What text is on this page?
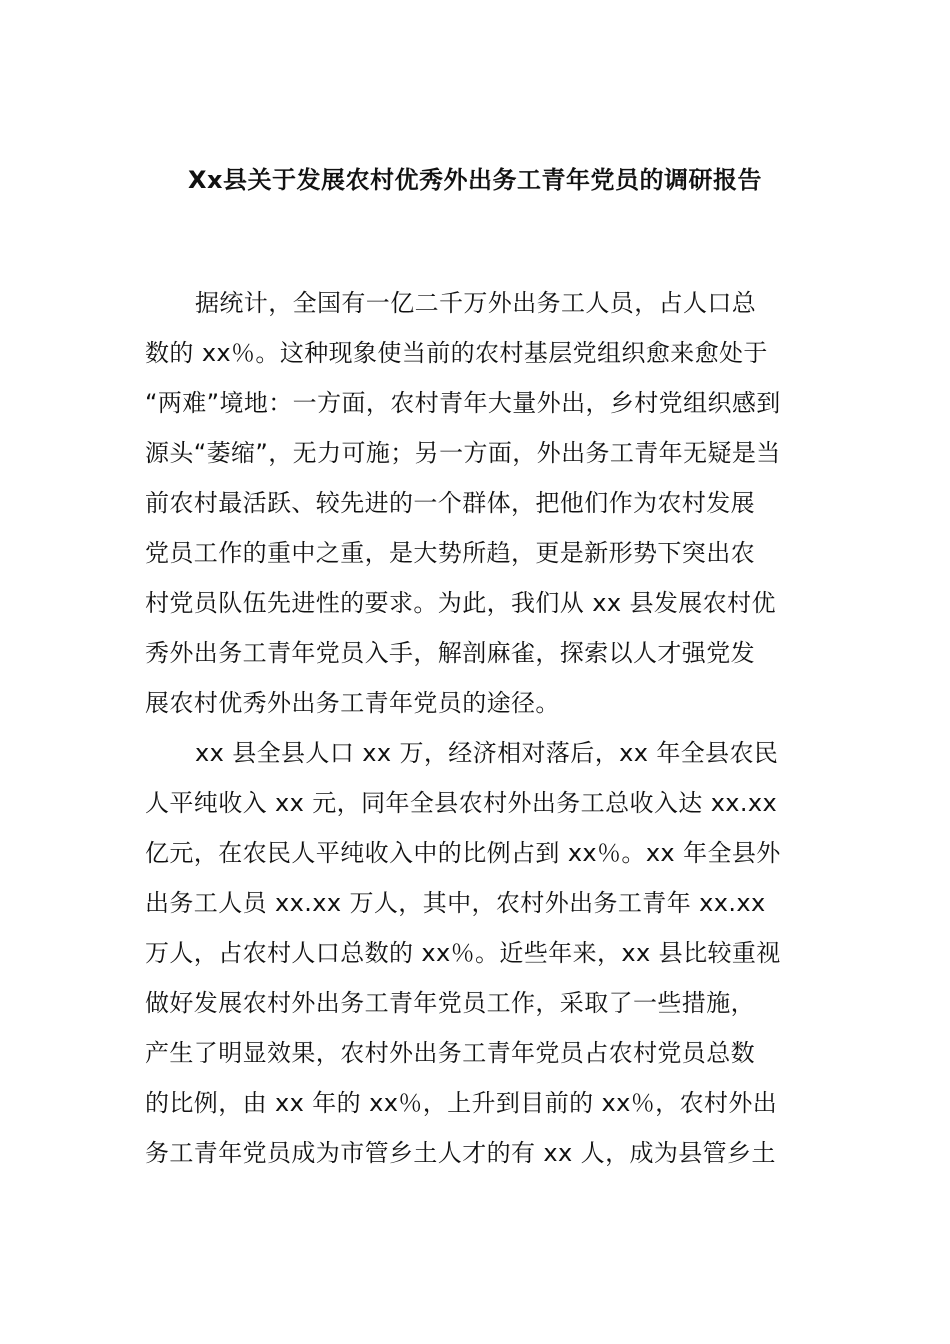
Xx县关于发展农村优秀外出务工青年党员的调研报告
据统计，全国有一亿二千万外出务工人员，占人口总
数的 xx％。这种现象使当前的农村基层党组织愈来愈处于
“两难”境地：一方面，农村青年大量外出，乡村党组织感到
源头“萎缩”，无力可施；另一方面，外出务工青年无疑是当
前农村最活跃、较先进的一个群体，把他们作为农村发展
党员工作的重中之重，是大势所趋，更是新形势下突出农
村党员队伍先进性的要求。为此，我们从 xx 县发展农村优
秀外出务工青年党员入手，解剖麻雀，探索以人才强党发
展农村优秀外出务工青年党员的途径。
xx 县全县人口 xx 万，经济相对落后，xx 年全县农民
人平纯收入 xx 元，同年全县农村外出务工总收入达 xx.xx
亿元，在农民人平纯收入中的比例占到 xx％。xx 年全县外
出务工人员 xx.xx 万人，其中，农村外出务工青年 xx.xx
万人，占农村人口总数的 xx％。近些年来，xx 县比较重视
做好发展农村外出务工青年党员工作，采取了一些措施，
产生了明显效果，农村外出务工青年党员占农村党员总数
的比例，由 xx 年的 xx％，上升到目前的 xx％，农村外出
务工青年党员成为市管乡土人才的有 xx 人，成为县管乡土
